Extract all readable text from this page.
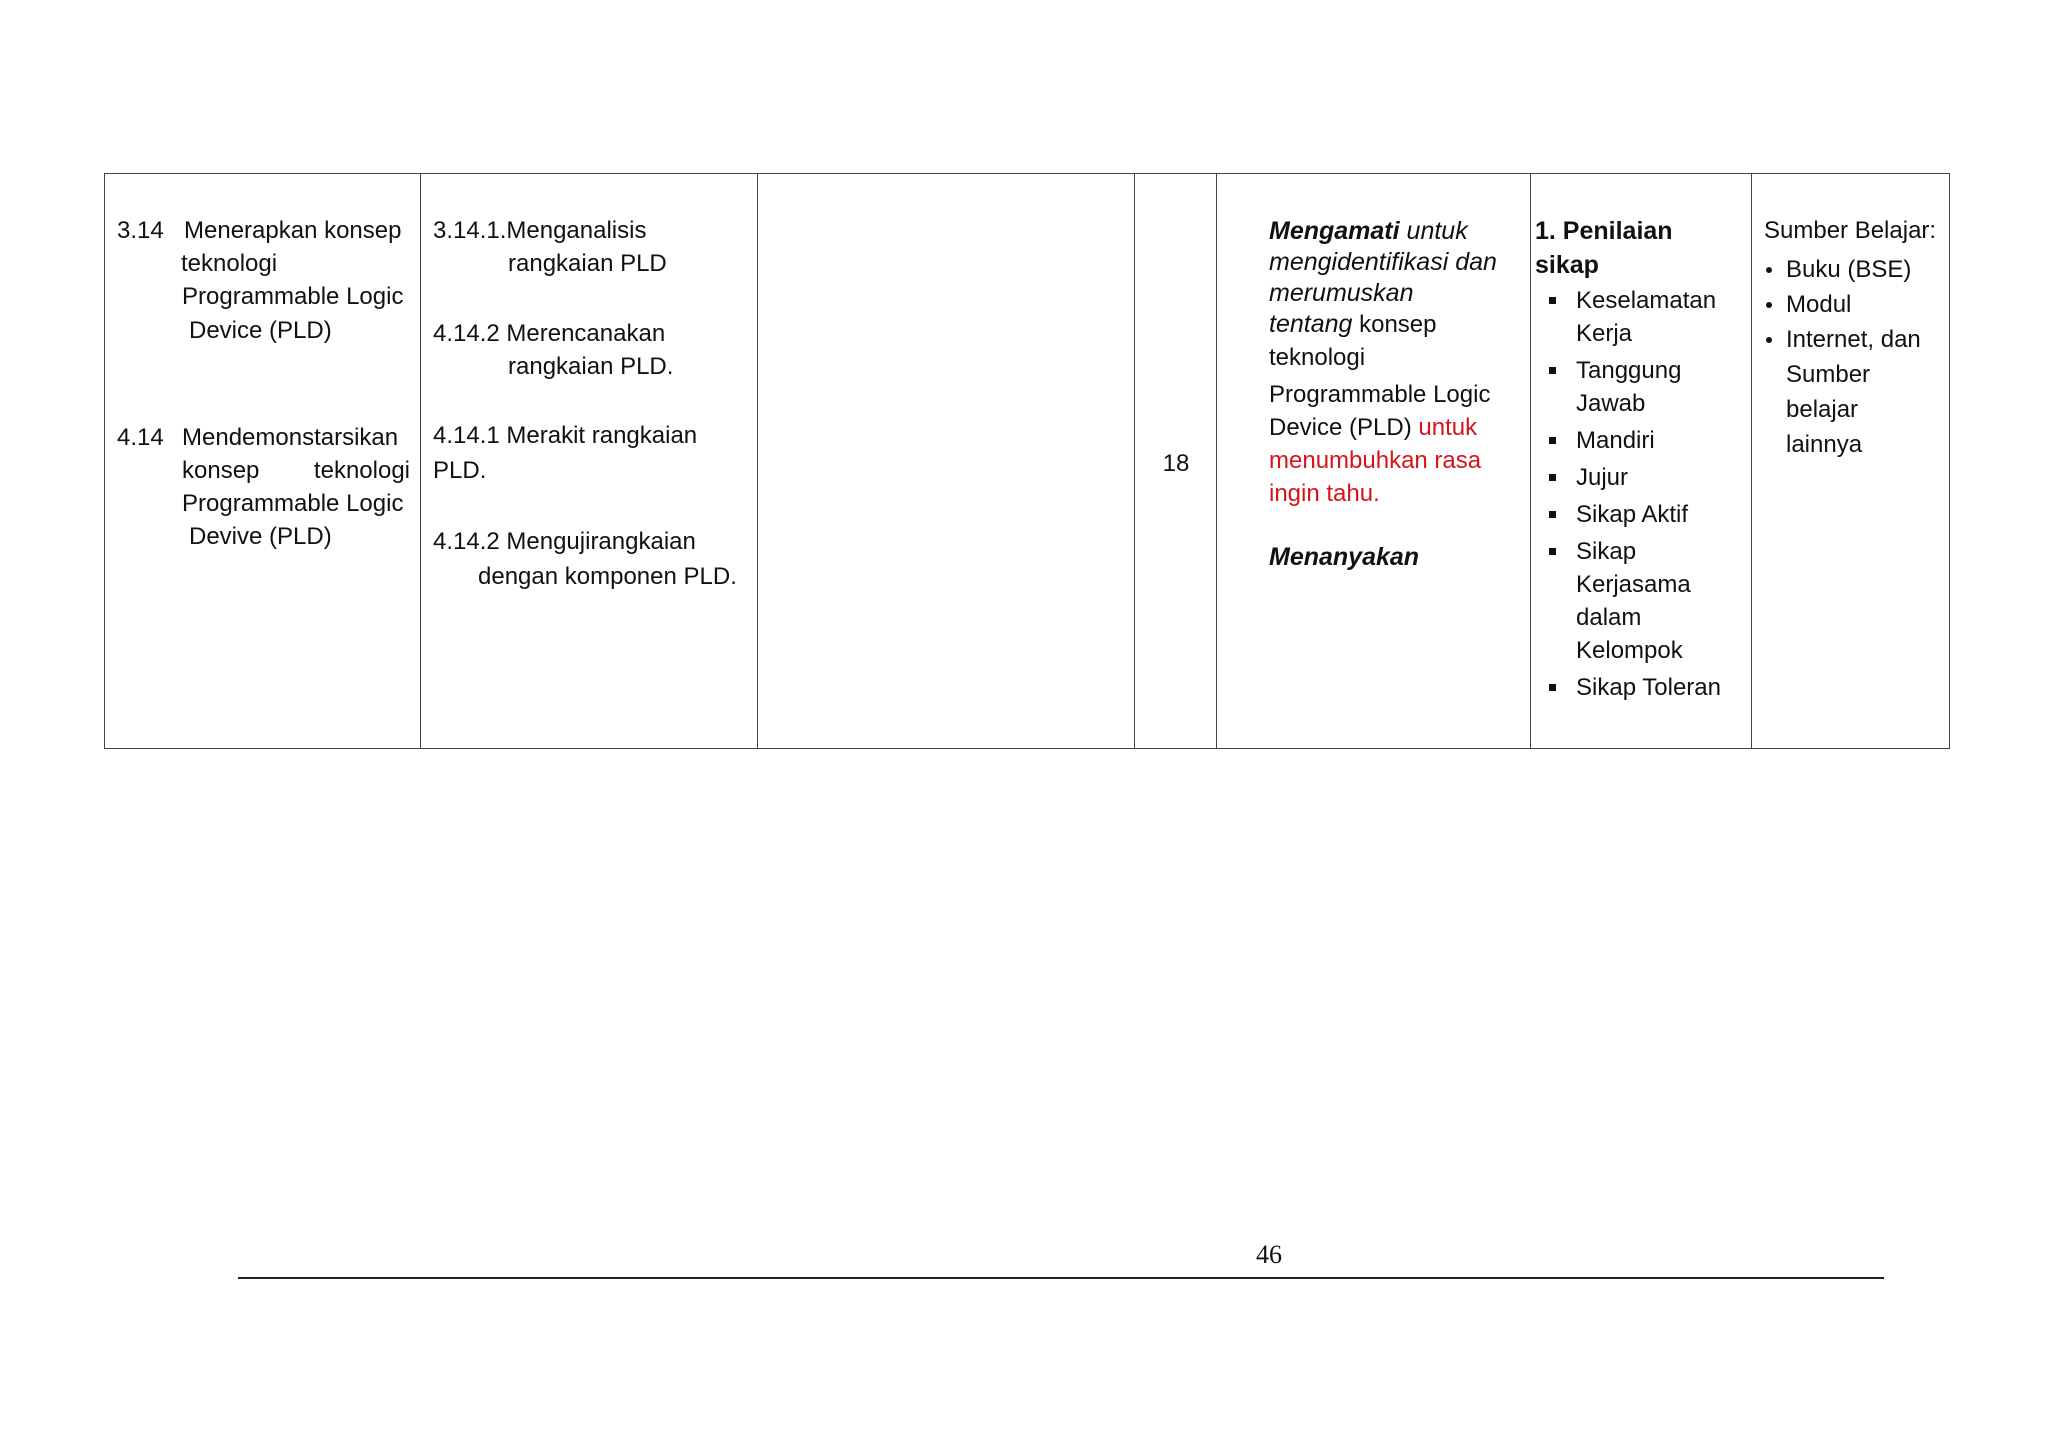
3.14 Menerapkan konsep
teknologi
Programmable Logic
Device (PLD)
4.14 Mendemonstarsikan
konsep teknologi
Programmable Logic
Devive (PLD)
3.14.1.Menganalisis
rangkaian PLD
4.14.2 Merencanakan
rangkaian PLD.
4.14.1 Merakit rangkaian
PLD.
4.14.2 Mengujirangkaian
dengan komponen PLD.
18
Mengamati untuk
mengidentifikasi dan
merumuskan
tentang konsep
teknologi
Programmable Logic
Device (PLD) untuk
menumbuhkan rasa
ingin tahu.
Menanyakan
1. Penilaian
sikap
Keselamatan
Kerja
Tanggung
Jawab
Mandiri
Jujur
Sikap Aktif
Sikap
Kerjasama
dalam
Kelompok
Sikap Toleran
Sumber Belajar:
Buku (BSE)
Modul
Internet, dan
Sumber
belajar
lainnya
46
